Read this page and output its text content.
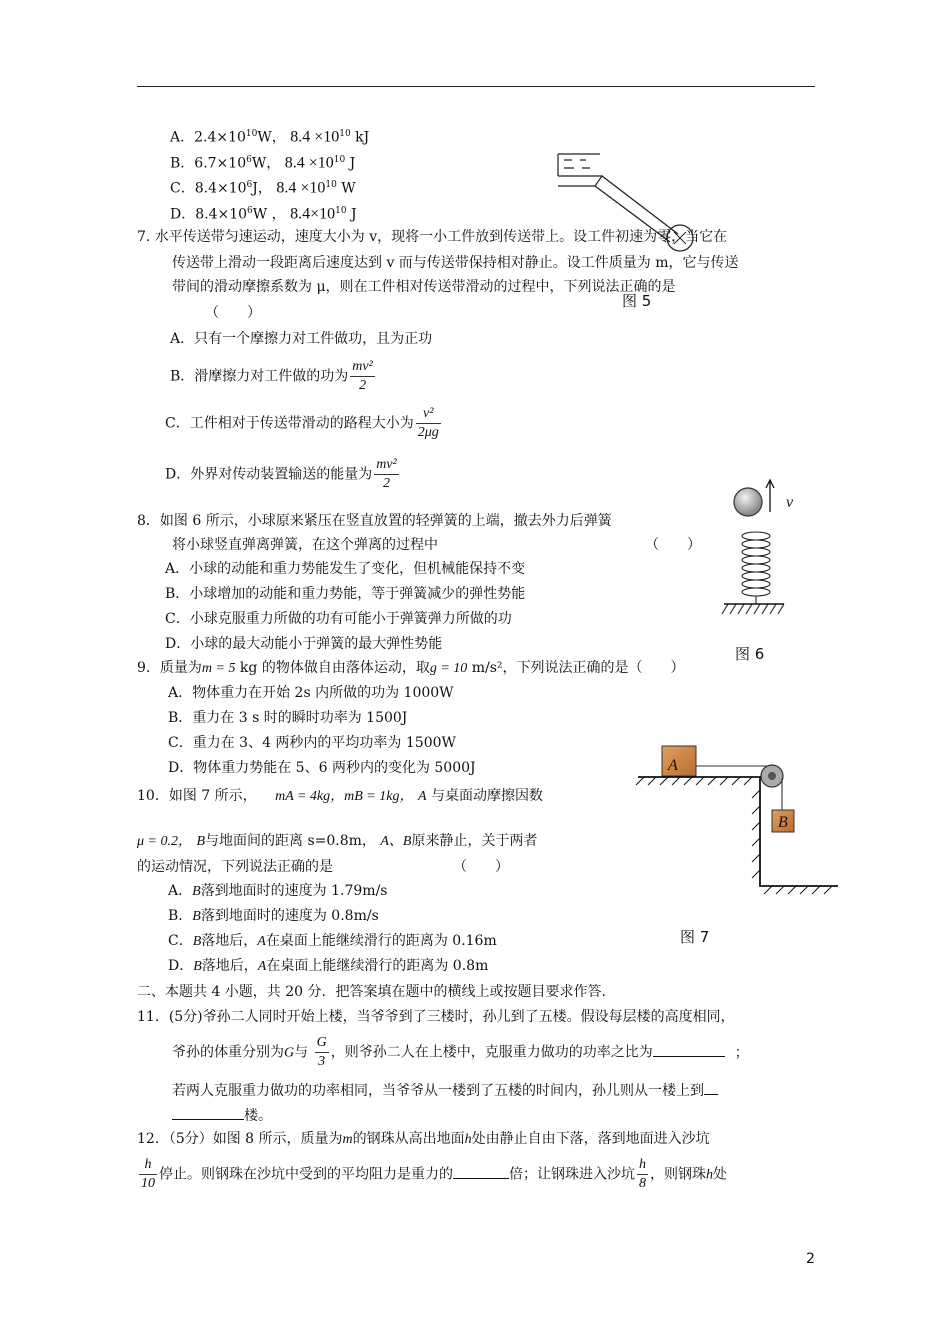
A．$2.4\times 10^{10}W$， $8.4 \times 10^{10}$ kJ
B．$6.7\times 10^6W$， $8.4 \times 10^{10}$ J
C．$8.4\times 10^6J$， $8.4 \times 10^{10}$ W
D．$8.4\times 10^6W$ ， $8.4\times 10^{10}$ J
图 5
7. 水平传送带匀速运动，速度大小为 v，现将一小工件放到传送带上。设工件初速为零，当它在
传送带上滑动一段距离后速度达到 v 而与传送带保持相对静止。设工件质量为 m，它与传送
带间的滑动摩擦系数为 μ，则在工件相对传送带滑动的过程中，下列说法正确的是
（　　）
A．只有一个摩擦力对工件做功，且为正功
B．滑摩擦力对工件做的功为 $\frac{\text{mv²}}{2}$
C．工件相对于传送带滑动的路程大小为 $\frac{\text{v²}}{2\mu g}$
D．外界对传动装置输送的能量为 $\frac{\text{mv²}}{2}$
8．如图 6 所示，小球原来紧压在竖直放置的轻弹簧的上端，撤去外力后弹簧
将小球竖直弹离弹簧，在这个弹离的过程中	（　　）
A．小球的动能和重力势能发生了变化，但机械能保持不变
B．小球增加的动能和重力势能，等于弹簧减少的弹性势能
C．小球克服重力所做的功有可能小于弹簧弹力所做的功
D．小球的最大动能小于弹簧的最大弹性势能
v
图 6
9．质量为m = 5 kg 的物体做自由落体运动，取g = 10 m/s²，下列说法正确的是（　　）
A．物体重力在开始 2s 内所做的功为 1000W
B．重力在 3 s 时的瞬时功率为 1500J
C．重力在 3、4 两秒内的平均功率为 1500W
D．物体重力势能在 5、6 两秒内的变化为 5000J
10．如图 7 所示， mA = 4kg，mB = 1kg， A 与桌面动摩擦因数
μ = 0.2， B与地面间的距离 s=0.8m， A、B原来静止，关于两者
的运动情况，下列说法正确的是	（　　）
A．B落到地面时的速度为 1.79m/s
B．B落到地面时的速度为 0.8m/s
C．B落地后，A在桌面上能继续滑行的距离为 0.16m
D．B落地后，A在桌面上能继续滑行的距离为 0.8m
A
B
图 7
二、本题共 4 小题，共 20 分．把答案填在题中的横线上或按题目要求作答．
11．(5分)爷孙二人同时开始上楼，当爷爷到了三楼时，孙儿到了五楼。假设每层楼的高度相同，
爷孙的体重分别为G与 $\frac{G}{3}$ ，则爷孙二人在上楼中，克服重力做功的功率之比为	；
若两人克服重力做功的功率相同，当爷爷从一楼到了五楼的时间内，孙儿则从一楼上到
楼。
12．（5分）如图 8 所示，质量为m的钢珠从高出地面h处由静止自由下落，落到地面进入沙坑
$\frac{h}{10}$ 停止。则钢珠在沙坑中受到的平均阻力是重力的	倍；让钢珠进入沙坑 $\frac{h}{8}$ ，则钢珠h处
2
